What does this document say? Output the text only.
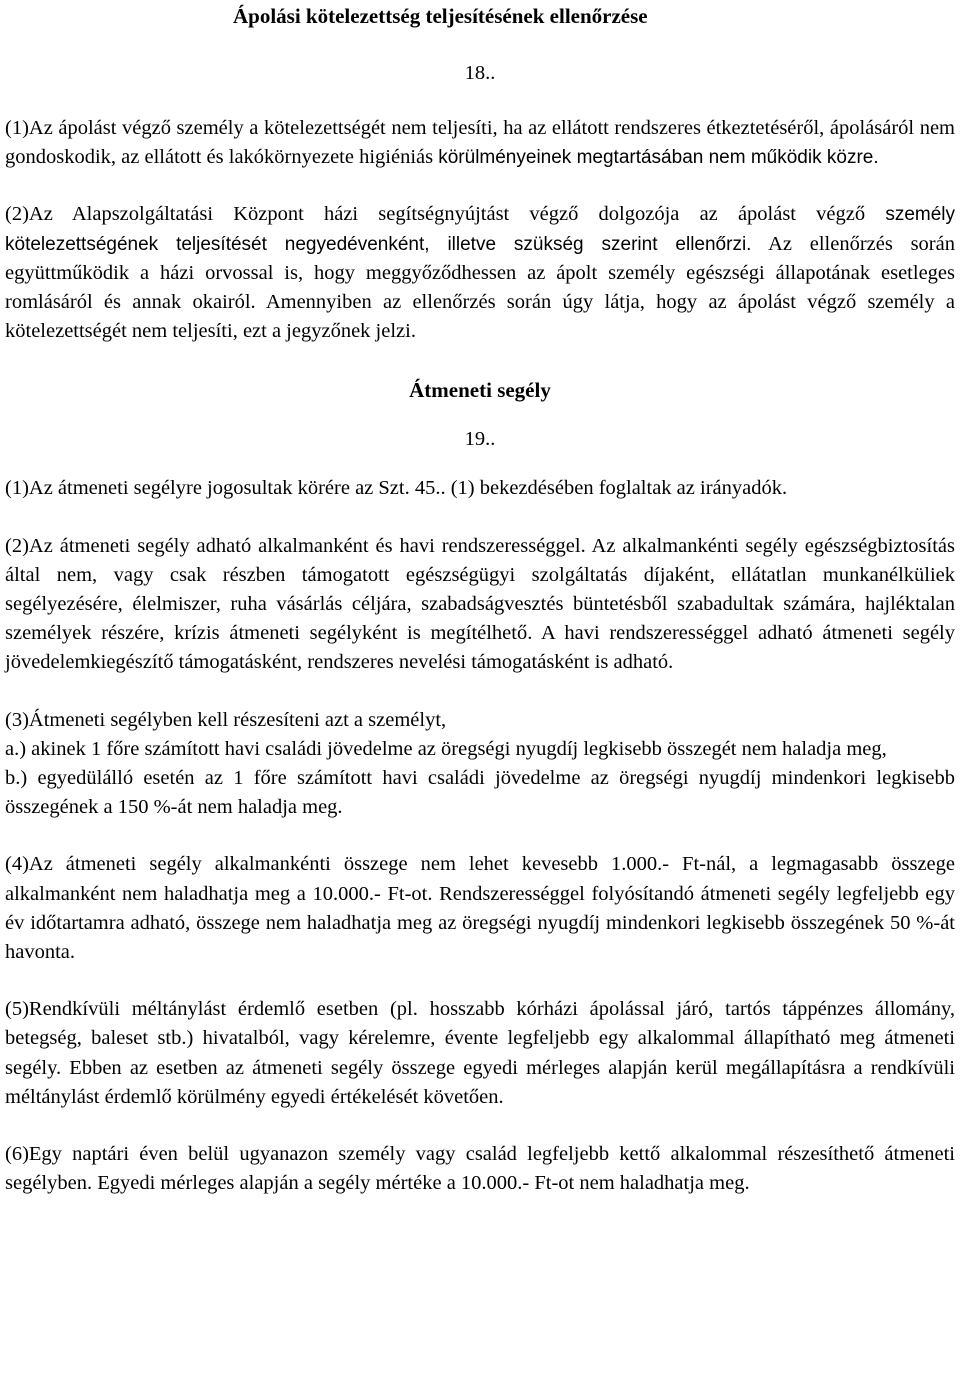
Ápolási kötelezettség teljesítésének ellenőrzése
18..

(1)Az ápolást végző személy a kötelezettségét nem teljesíti, ha az ellátott rendszeres étkeztetéséről, ápolásáról nem gondoskodik, az ellátott és lakókörnyezete higiéniás körülményeinek megtartásában nem működik közre.

(2)Az Alapszolgáltatási Központ házi segítségnyújtást végző dolgozója az ápolást végző személy kötelezettségének teljesítését negyedévenként, illetve szükség szerint ellenőrzi. Az ellenőrzés során együttműködik a házi orvossal is, hogy meggyőződhessen az ápolt személy egészségi állapotának esetleges romlásáról és annak okairól. Amennyiben az ellenőrzés során úgy látja, hogy az ápolást végző személy a kötelezettségét nem teljesíti, ezt a jegyzőnek jelzi.

Átmeneti segély

19..

(1)Az átmeneti segélyre jogosultak körére az Szt. 45.. (1) bekezdésében foglaltak az irányadók.

(2)Az átmeneti segély adható alkalmanként és havi rendszerességgel. Az alkalmankénti segély egészségbiztosítás által nem, vagy csak részben támogatott egészségügyi szolgáltatás díjaként, ellátatlan munkanélküliek segélyezésére, élelmiszer, ruha vásárlás céljára, szabadságvesztés büntetésből szabadultak számára, hajléktalan személyek részére, krízis átmeneti segélyként is megítélhető. A havi rendszerességgel adható átmeneti segély jövedelemkiegészítő támogatásként, rendszeres nevelési támogatásként is adható.

(3)Átmeneti segélyben kell részesíteni azt a személyt,

a.) akinek 1 főre számított havi családi jövedelme az öregségi nyugdíj legkisebb összegét nem haladja meg,

b.) egyedülálló esetén az 1 főre számított havi családi jövedelme az öregségi nyugdíj mindenkori legkisebb összegének a 150 %-át nem haladja meg.

(4)Az átmeneti segély alkalmankénti összege nem lehet kevesebb 1.000.- Ft-nál, a legmagasabb összege alkalmanként nem haladhatja meg a 10.000.- Ft-ot. Rendszerességgel folyósítandó átmeneti segély legfeljebb egy év időtartamra adható, összege nem haladhatja meg az öregségi nyugdíj mindenkori legkisebb összegének 50 %-át havonta.

(5)Rendkívüli méltánylást érdemlő esetben (pl. hosszabb kórházi ápolással járó, tartós táppénzes állomány, betegség, baleset stb.) hivatalból, vagy kérelemre, évente legfeljebb egy alkalommal állapítható meg átmeneti segély. Ebben az esetben az átmeneti segély összege egyedi mérleges alapján kerül megállapításra a rendkívüli méltánylást érdemlő körülmény egyedi értékelését követően.

(6)Egy naptári éven belül ugyanazon személy vagy család legfeljebb kettő alkalommal részesíthető átmeneti segélyben. Egyedi mérleges alapján a segély mértéke a 10.000.- Ft-ot nem haladhatja meg.
